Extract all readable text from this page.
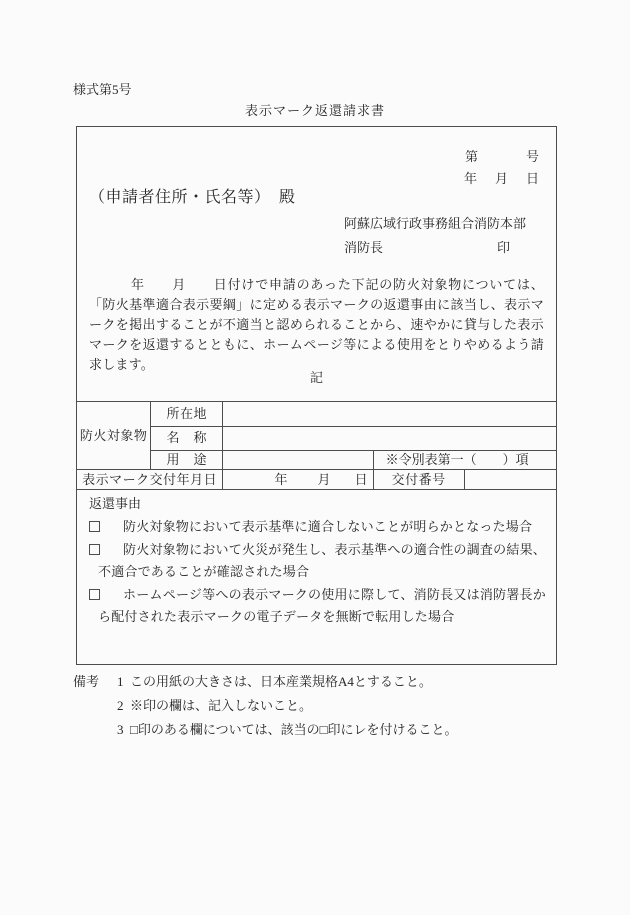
様式第5号
表示マーク返還請求書
第	号
年 月 日
（申請者住所・氏名等）　殿
阿蘇広域行政事務組合消防本部
消防長	印

年　　月　　日付けで申請のあった下記の防火対象物については、「防火基準適合表示要綱」に定める表示マークの返還事由に該当し、表示マークを掲出することが不適当と認められることから、速やかに貸与した表示マークを返還するとともに、ホームページ等による使用をとりやめるよう請求します。

記
防火対象物	所在地			
	名　称			
	用　途		※令別表第一（　　）項	
表示マーク交付年月日		年 月 日	交付番号	
返還事由
防火対象物において表示基準に適合しないことが明らかとなった場合
防火対象物において火災が発生し、表示基準への適合性の調査の結果、不適合であることが確認された場合
ホームページ等への表示マークの使用に際して、消防長又は消防署長から配付された表示マークの電子データを無断で転用した場合
備考 1 この用紙の大きさは、日本産業規格A4とすること。
2 ※印の欄は、記入しないこと。
3 □印のある欄については、該当の□印にレを付けること。
